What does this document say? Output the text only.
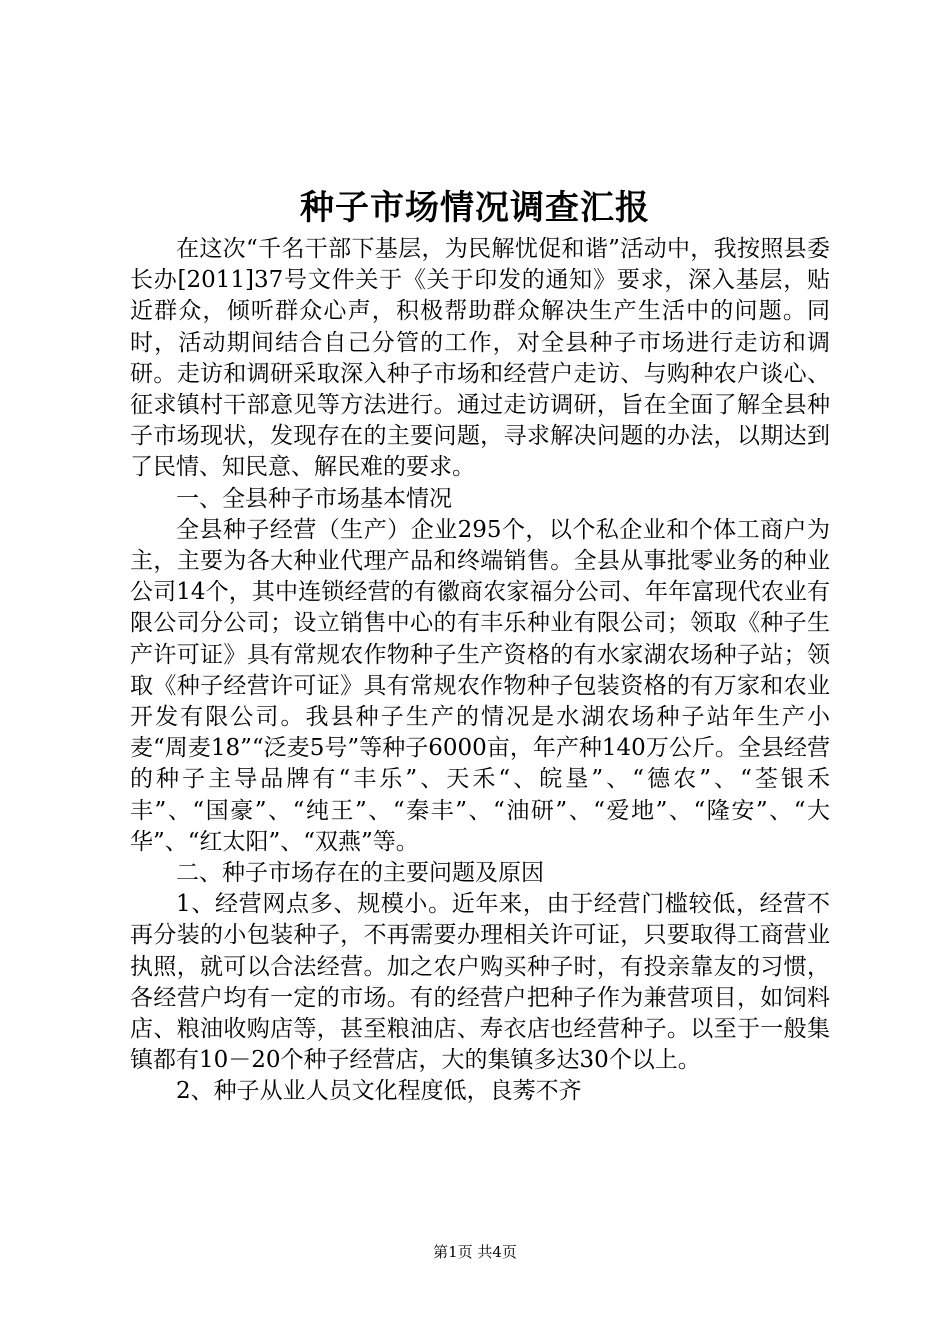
种子市场情况调查汇报

在这次“千名干部下基层，为民解忧促和谐”活动中，我按照县委长办[2011]37号文件关于《关于印发的通知》要求，深入基层，贴近群众，倾听群众心声，积极帮助群众解决生产生活中的问题。同时，活动期间结合自己分管的工作，对全县种子市场进行走访和调研。走访和调研采取深入种子市场和经营户走访、与购种农户谈心、征求镇村干部意见等方法进行。通过走访调研，旨在全面了解全县种子市场现状，发现存在的主要问题，寻求解决问题的办法，以期达到了民情、知民意、解民难的要求。

一、全县种子市场基本情况

全县种子经营（生产）企业295个，以个私企业和个体工商户为主，主要为各大种业代理产品和终端销售。全县从事批零业务的种业公司14个，其中连锁经营的有徽商农家福分公司、年年富现代农业有限公司分公司；设立销售中心的有丰乐种业有限公司；领取《种子生产许可证》具有常规农作物种子生产资格的有水家湖农场种子站；领取《种子经营许可证》具有常规农作物种子包装资格的有万家和农业开发有限公司。我县种子生产的情况是水湖农场种子站年生产小麦“周麦18”“泛麦5号”等种子6000亩，年产种140万公斤。全县经营的种子主导品牌有“丰乐”、天禾“、皖垦”、“德农”、“荃银禾丰”、“国豪”、“纯王”、“秦丰”、“油研”、“爱地”、“隆安”、“大华”、“红太阳”、“双燕”等。

二、种子市场存在的主要问题及原因

1、经营网点多、规模小。近年来，由于经营门槛较低，经营不再分装的小包装种子，不再需要办理相关许可证，只要取得工商营业执照，就可以合法经营。加之农户购买种子时，有投亲靠友的习惯，各经营户均有一定的市场。有的经营户把种子作为兼营项目，如饲料店、粮油收购店等，甚至粮油店、寿衣店也经营种子。以至于一般集镇都有10－20个种子经营店，大的集镇多达30个以上。

2、种子从业人员文化程度低，良莠不齐

第1页 共4页
